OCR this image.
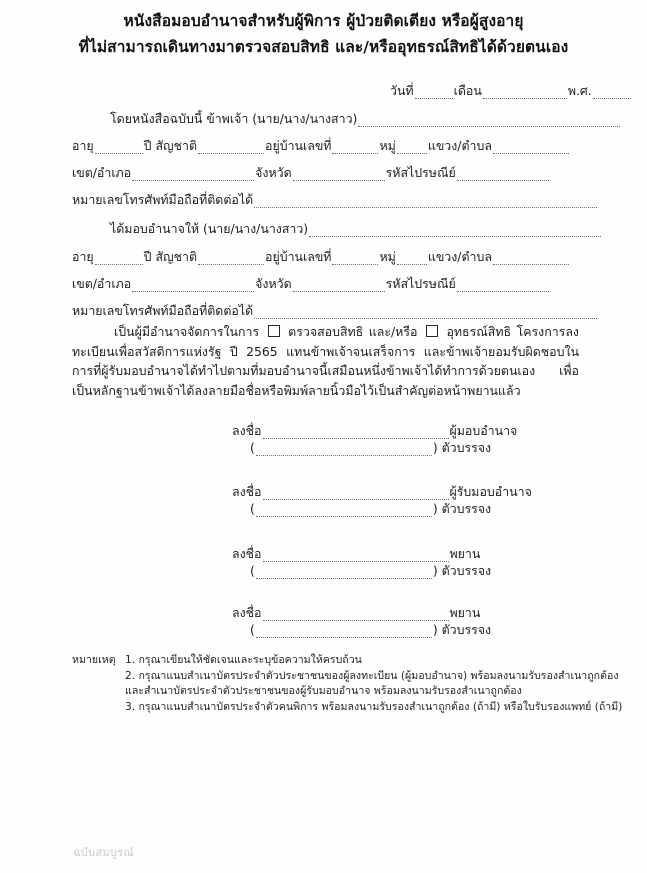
หนังสือมอบอำนาจสำหรับผู้พิการ ผู้ป่วยติดเตียง หรือผู้สูงอายุ
ที่ไม่สามารถเดินทางมาตรวจสอบสิทธิ และ/หรืออุทธรณ์สิทธิได้ด้วยตนเอง
วันที่	เดือน	พ.ศ.
โดยหนังสือฉบับนี้ ข้าพเจ้า (นาย/นาง/นางสาว)
อายุ	ปี สัญชาติ	อยู่บ้านเลขที่	หมู่	แขวง/ตำบล
เขต/อำเภอ	จังหวัด	รหัสไปรษณีย์
หมายเลขโทรศัพท์มือถือที่ติดต่อได้
ได้มอบอำนาจให้ (นาย/นาง/นางสาว)
อายุ	ปี สัญชาติ	อยู่บ้านเลขที่	หมู่	แขวง/ตำบล
เขต/อำเภอ	จังหวัด	รหัสไปรษณีย์
หมายเลขโทรศัพท์มือถือที่ติดต่อได้
เป็นผู้มีอำนาจจัดการในการ ตรวจสอบสิทธิ และ/หรือ อุทธรณ์สิทธิ โครงการลงทะเบียนเพื่อสวัสดิการแห่งรัฐ ปี 2565 แทนข้าพเจ้าจนเสร็จการ และข้าพเจ้ายอมรับผิดชอบในการที่ผู้รับมอบอำนาจได้ทำไปตามที่มอบอำนาจนี้เสมือนหนึ่งข้าพเจ้าได้ทำการด้วยตนเอง เพื่อเป็นหลักฐานข้าพเจ้าได้ลงลายมือชื่อหรือพิมพ์ลายนิ้วมือไว้เป็นสำคัญต่อหน้าพยานแล้ว
ลงชื่อ	ผู้มอบอำนาจ
(	) ตัวบรรจง
ลงชื่อ	ผู้รับมอบอำนาจ
(	) ตัวบรรจง
ลงชื่อ	พยาน
(	) ตัวบรรจง
ลงชื่อ	พยาน
(	) ตัวบรรจง
หมายเหตุ 1. กรุณาเขียนให้ชัดเจนและระบุข้อความให้ครบถ้วน
2. กรุณาแนบสำเนาบัตรประจำตัวประชาชนของผู้ลงทะเบียน (ผู้มอบอำนาจ) พร้อมลงนามรับรองสำเนาถูกต้อง
และสำเนาบัตรประจำตัวประชาชนของผู้รับมอบอำนาจ พร้อมลงนามรับรองสำเนาถูกต้อง
3. กรุณาแนบสำเนาบัตรประจำตัวคนพิการ พร้อมลงนามรับรองสำเนาถูกต้อง (ถ้ามี) หรือใบรับรองแพทย์ (ถ้ามี)
ฉบับสมบูรณ์
